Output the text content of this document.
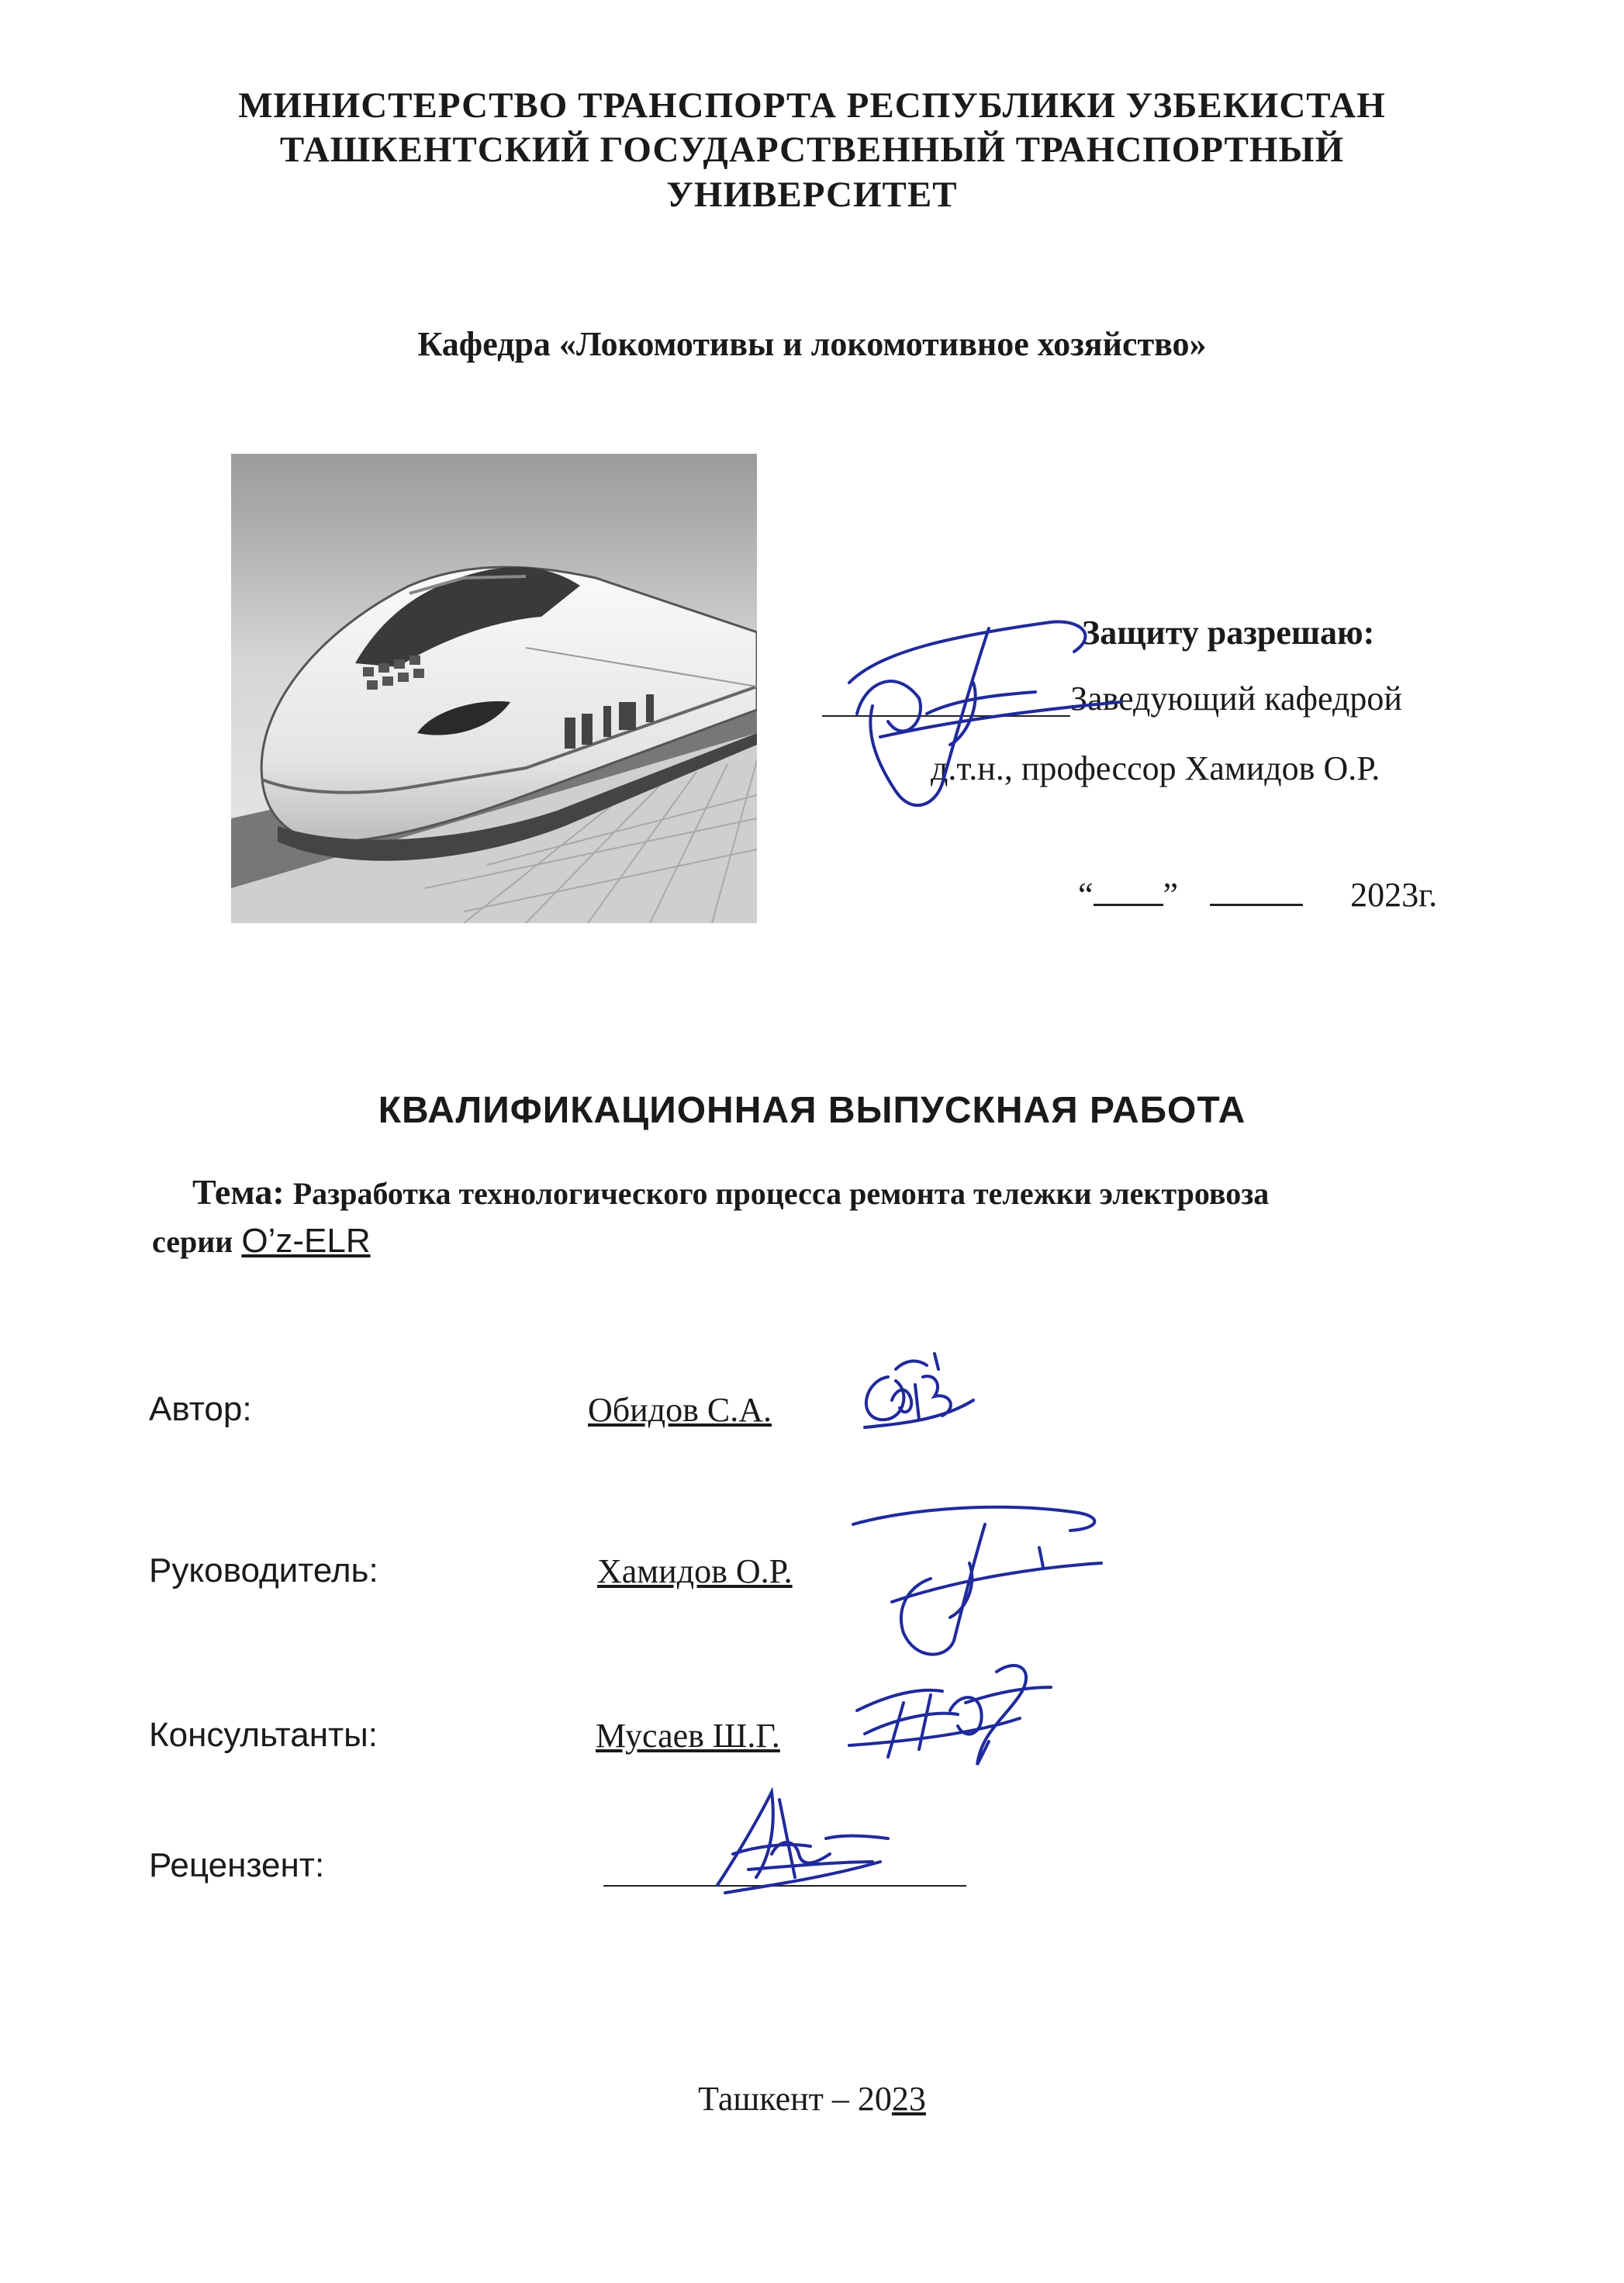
МИНИСТЕРСТВО ТРАНСПОРТА РЕСПУБЛИКИ УЗБЕКИСТАН
ТАШКЕНТСКИЙ ГОСУДАРСТВЕННЫЙ ТРАНСПОРТНЫЙ
УНИВЕРСИТЕТ
Кафедра «Локомотивы и локомотивное хозяйство»
Защиту разрешаю:
Заведующий кафедрой
д.т.н., профессор Хамидов О.Р.
“ ”	2023г.
КВАЛИФИКАЦИОННАЯ ВЫПУСКНАЯ РАБОТА
Тема: Разработка технологического процесса ремонта тележки электровоза
серии O’z-ELR
Автор:	Обидов С.А.
Руководитель:	Хамидов О.Р.
Консультанты:	Мусаев Ш.Г.
Рецензент:
Ташкент – 2023
